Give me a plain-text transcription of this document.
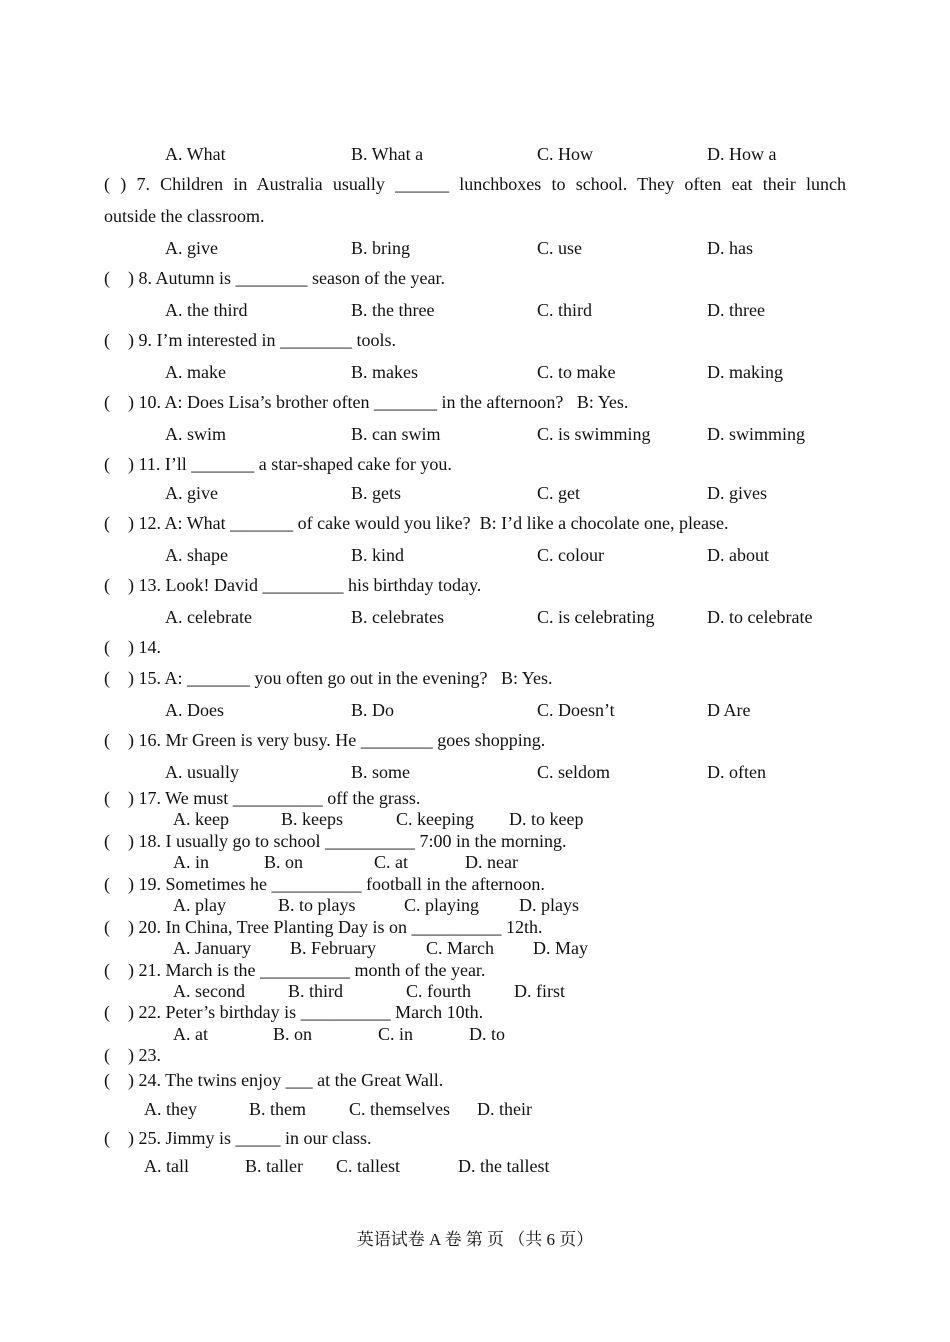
A. What	B. What a	C. How	D. How a
( ) 7. Children in Australia usually ______ lunchboxes to school. They often eat their lunch
outside the classroom.
A. give	B. bring	C. use	D. has
(    ) 8. Autumn is ________ season of the year.
A. the third	B. the three	C. third	D. three
(    ) 9. I’m interested in ________ tools.
A. make	B. makes	C. to make	D. making
(    ) 10. A: Does Lisa’s brother often _______ in the afternoon?   B: Yes.
A. swim	B. can swim	C. is swimming	D. swimming
(    ) 11. I’ll _______ a star-shaped cake for you.
A. give	B. gets	C. get	D. gives
(    ) 12. A: What _______ of cake would you like?  B: I’d like a chocolate one, please.
A. shape	B. kind	C. colour	D. about
(    ) 13. Look! David _________ his birthday today.
A. celebrate	B. celebrates	C. is celebrating	D. to celebrate
(    ) 14.
(    ) 15. A: _______ you often go out in the evening?   B: Yes.
A. Does	B. Do	C. Doesn’t	D Are
(    ) 16. Mr Green is very busy. He ________ goes shopping.
A. usually	B. some	C. seldom	D. often
(    ) 17. We must __________ off the grass.
A. keep	B. keeps	C. keeping D. to keep
(    ) 18. I usually go to school __________ 7:00 in the morning.
A. in	B. on	C. at	D. near
(    ) 19. Sometimes he __________ football in the afternoon.
A. play	B. to plays	C. playing D. plays
(    ) 20. In China, Tree Planting Day is on __________ 12th.
A. January B. February	C. March D. May
(    ) 21. March is the __________ month of the year.
A. second B. third	C. fourth D. first
(    ) 22. Peter’s birthday is __________ March 10th.
A. at	B. on	C. in	D. to
(    ) 23.
(    ) 24. The twins enjoy ___ at the Great Wall.
A. they	B. them C. themselves D. their
(    ) 25. Jimmy is _____ in our class.
A. tall	B. taller C. tallest	D. the tallest
英语试卷 A 卷 第 页 （共 6 页）
